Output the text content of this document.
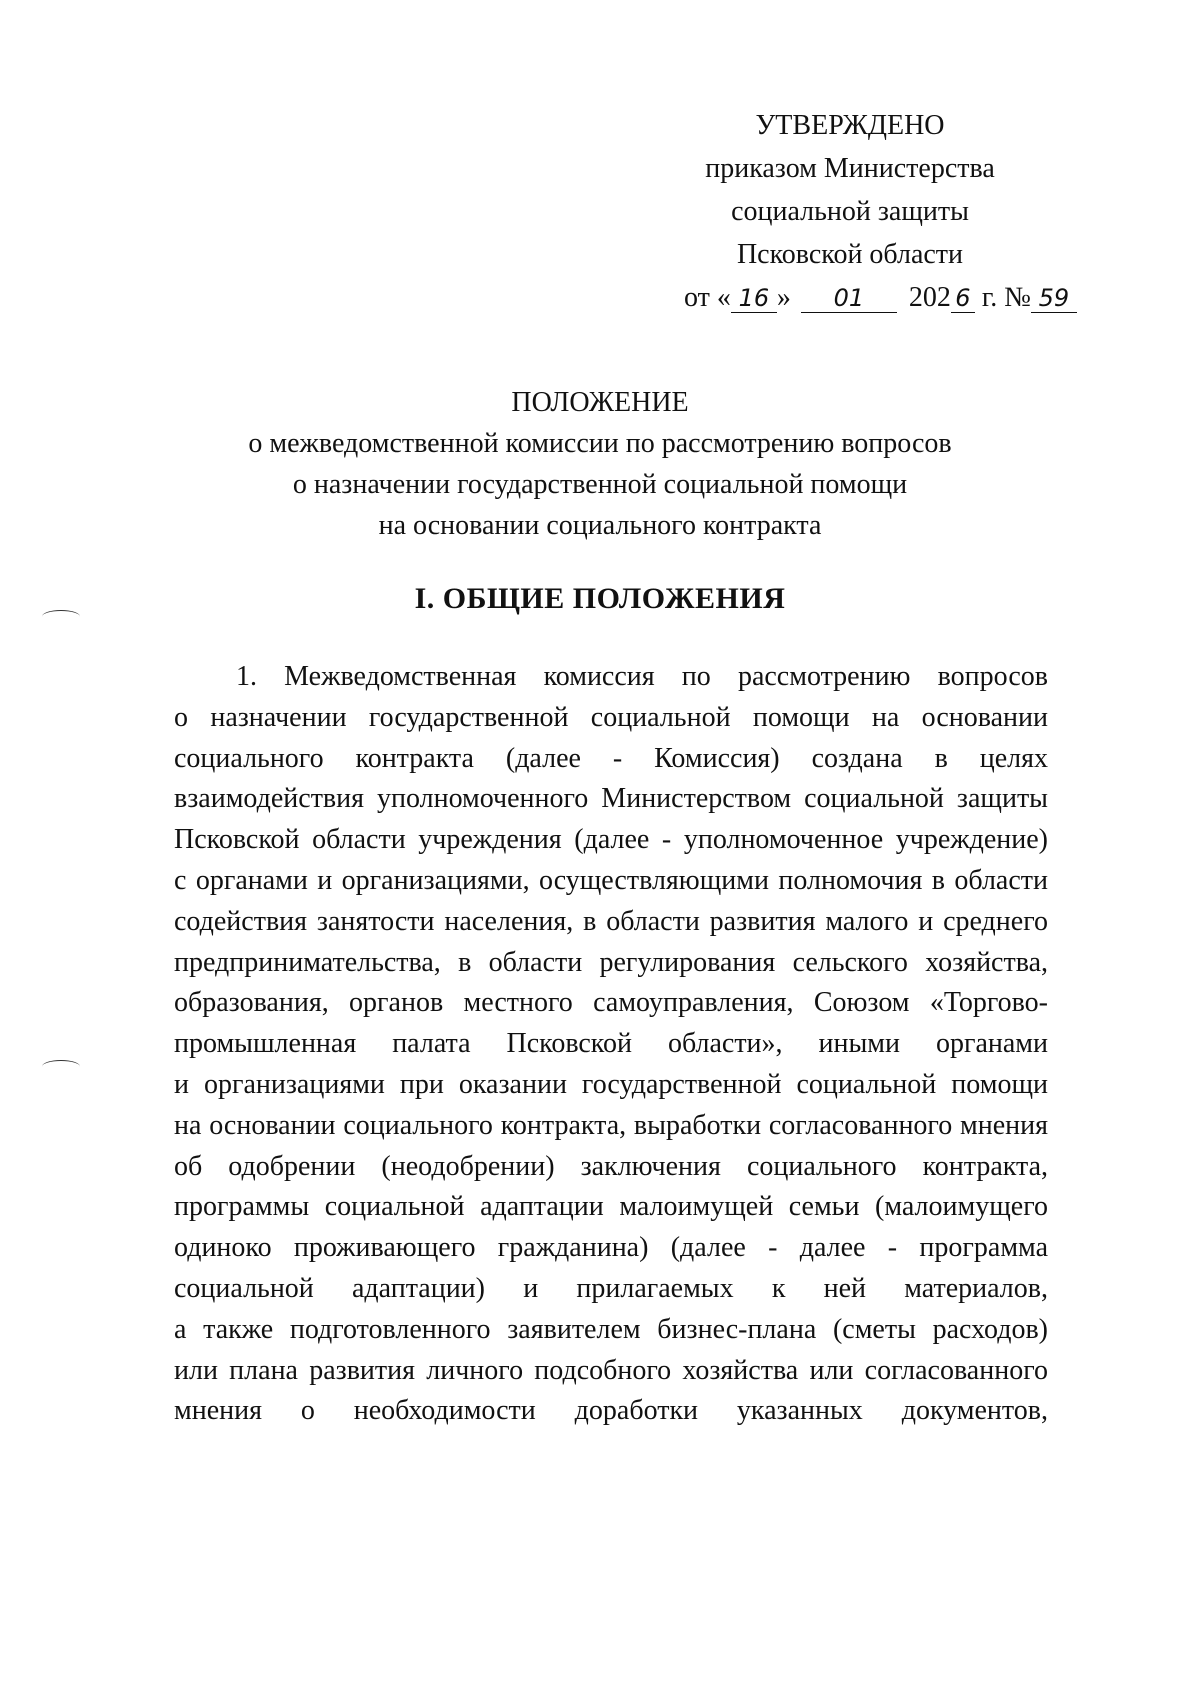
УТВЕРЖДЕНО
приказом Министерства
социальной защиты
Псковской области
от « 16 » 01 202 6 г. № 59
ПОЛОЖЕНИЕ
о межведомственной комиссии по рассмотрению вопросов
о назначении государственной социальной помощи
на основании социального контракта
I. ОБЩИЕ ПОЛОЖЕНИЯ
1. Межведомственная комиссия по рассмотрению вопросов
о назначении государственной социальной помощи на основании
социального контракта (далее - Комиссия) создана в целях
взаимодействия уполномоченного Министерством социальной защиты
Псковской области учреждения (далее - уполномоченное учреждение)
с органами и организациями, осуществляющими полномочия в области
содействия занятости населения, в области развития малого и среднего
предпринимательства, в области регулирования сельского хозяйства,
образования, органов местного самоуправления, Союзом «Торгово-
промышленная палата Псковской области», иными органами
и организациями при оказании государственной социальной помощи
на основании социального контракта, выработки согласованного мнения
об одобрении (неодобрении) заключения социального контракта,
программы социальной адаптации малоимущей семьи (малоимущего
одиноко проживающего гражданина) (далее - далее - программа
социальной адаптации) и прилагаемых к ней материалов,
а также подготовленного заявителем бизнес-плана (сметы расходов)
или плана развития личного подсобного хозяйства или согласованного
мнения о необходимости доработки указанных документов,
